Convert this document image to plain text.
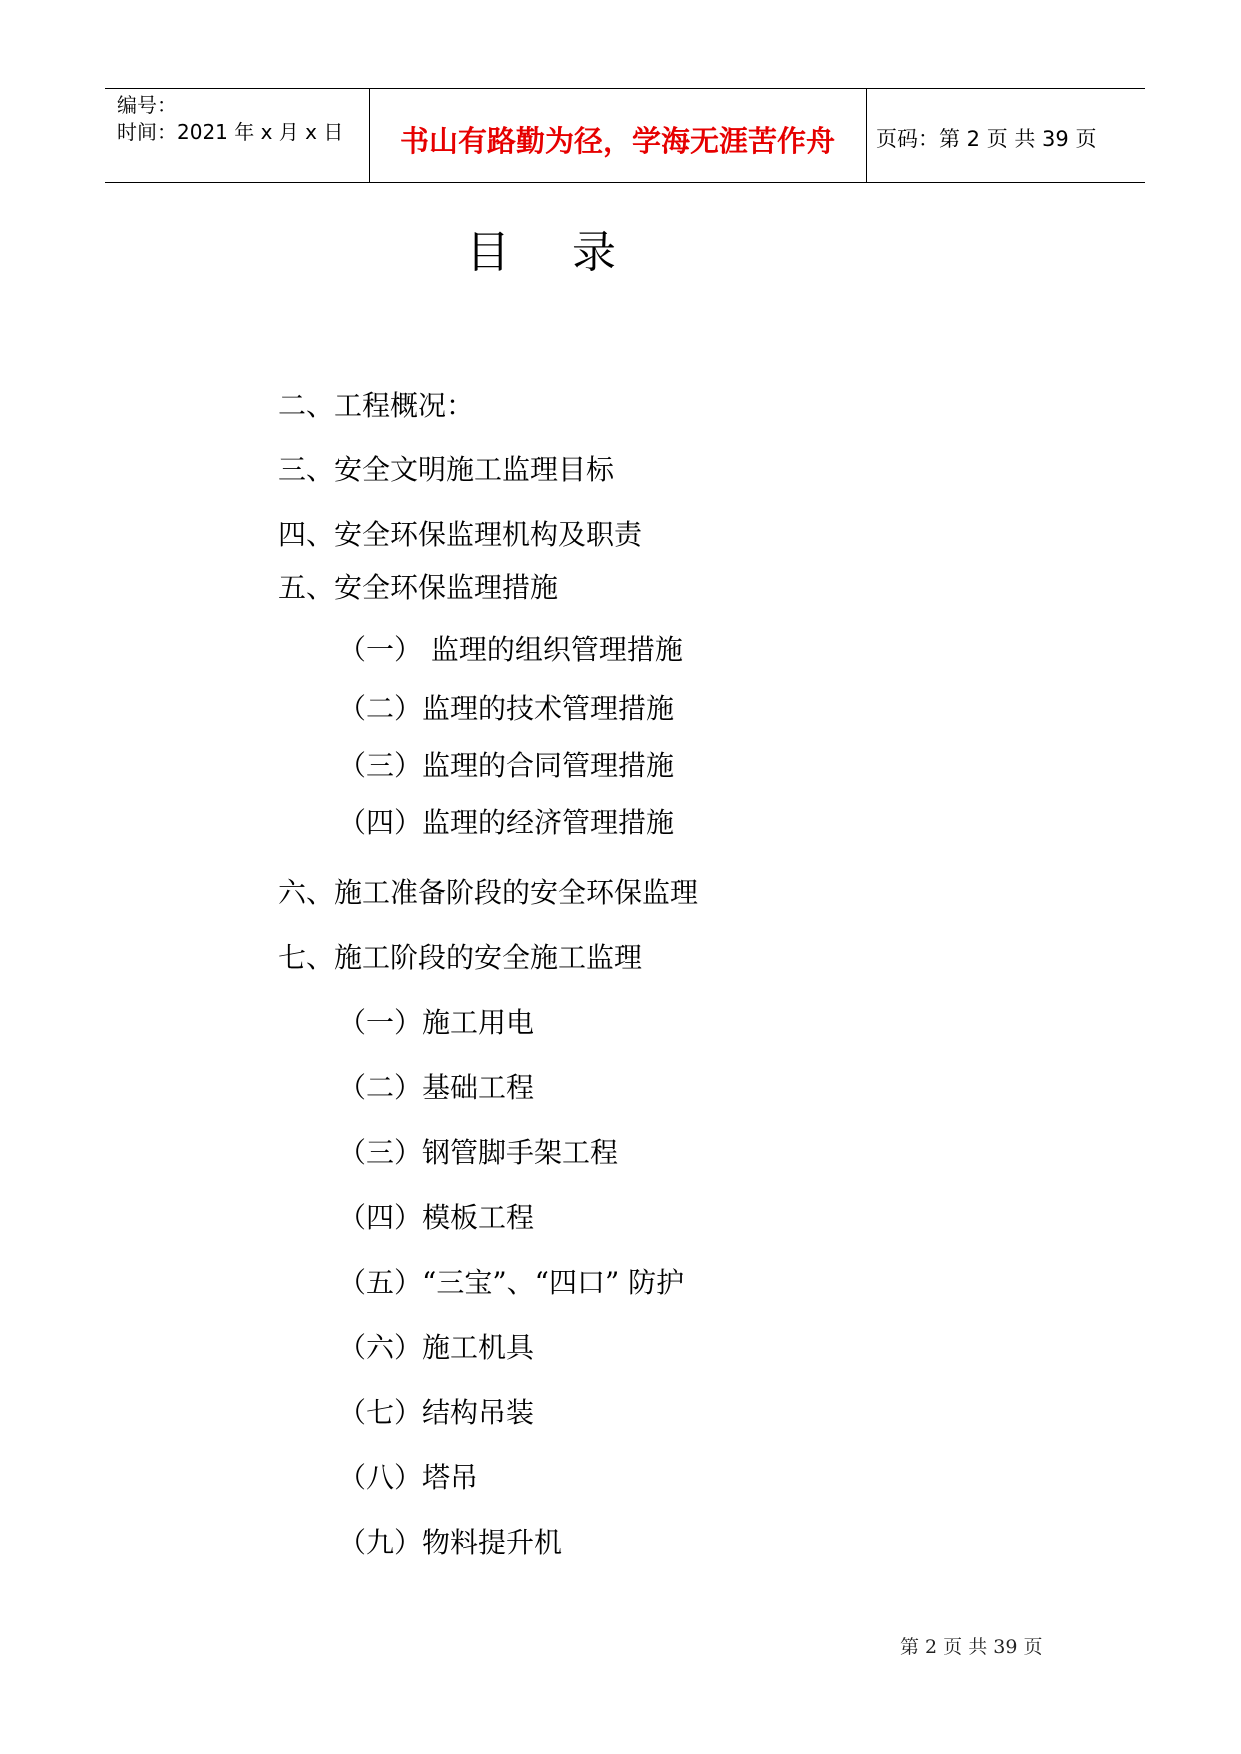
编号：
时间：2021 年 x 月 x 日	书山有路勤为径，学海无涯苦作舟	页码：第 2 页 共 39 页
目录
二、工程概况：
三、安全文明施工监理目标
四、安全环保监理机构及职责
五、安全环保监理措施
（一） 监理的组织管理措施
（二）监理的技术管理措施
（三）监理的合同管理措施
（四）监理的经济管理措施
六、施工准备阶段的安全环保监理
七、施工阶段的安全施工监理
（一）施工用电
（二）基础工程
（三）钢管脚手架工程
（四）模板工程
（五）“三宝”、“四口” 防护
（六）施工机具
（七）结构吊装
（八）塔吊
（九）物料提升机
第 2 页 共 39 页
